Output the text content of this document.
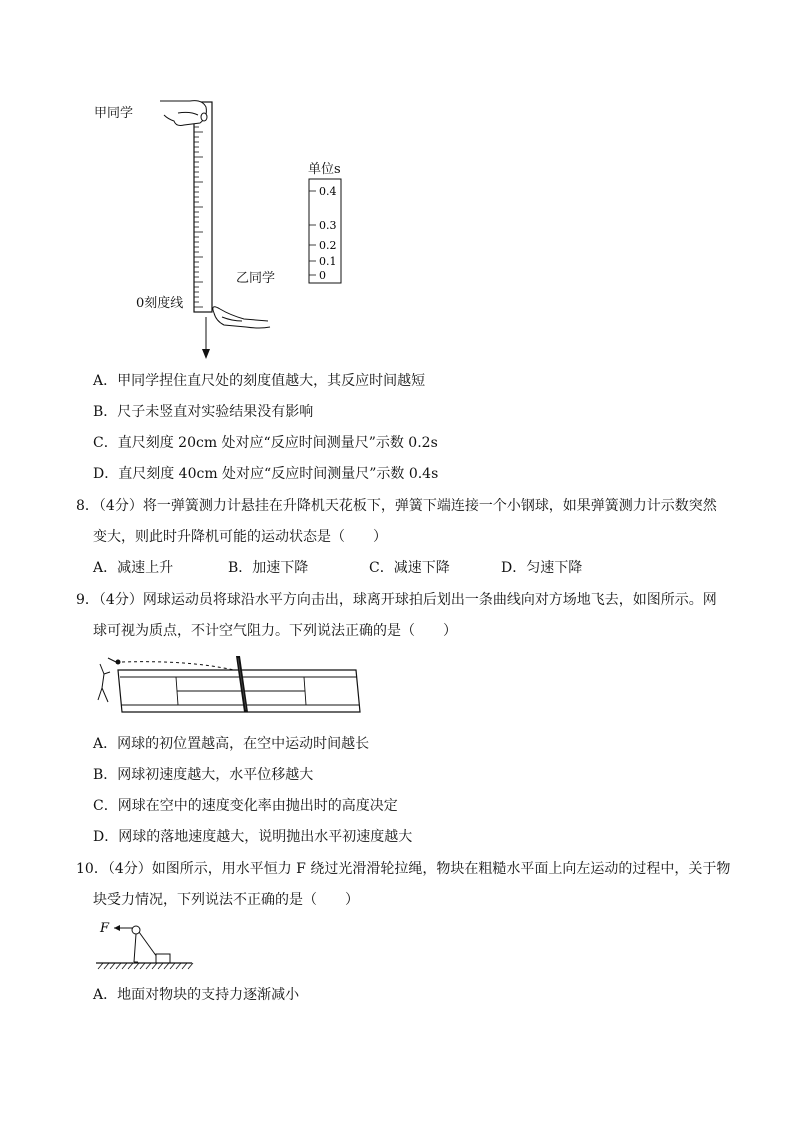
甲同学
乙同学
0刻度线
单位s
0.4
0.3
0.2
0.1
0
A．甲同学捏住直尺处的刻度值越大，其反应时间越短
B．尺子未竖直对实验结果没有影响
C．直尺刻度 20cm 处对应“反应时间测量尺”示数 0.2s
D．直尺刻度 40cm 处对应“反应时间测量尺”示数 0.4s
8．（4分）将一弹簧测力计悬挂在升降机天花板下，弹簧下端连接一个小钢球，如果弹簧测力计示数突然
变大，则此时升降机可能的运动状态是（　　）
A．减速上升	B．加速下降	C．减速下降	D．匀速下降
9．（4分）网球运动员将球沿水平方向击出，球离开球拍后划出一条曲线向对方场地飞去，如图所示。网
球可视为质点，不计空气阻力。下列说法正确的是（　　）
A．网球的初位置越高，在空中运动时间越长
B．网球初速度越大，水平位移越大
C．网球在空中的速度变化率由抛出时的高度决定
D．网球的落地速度越大，说明抛出水平初速度越大
10．（4分）如图所示，用水平恒力 F 绕过光滑滑轮拉绳，物块在粗糙水平面上向左运动的过程中，关于物
块受力情况，下列说法不正确的是（　　）
F
A．地面对物块的支持力逐渐减小
